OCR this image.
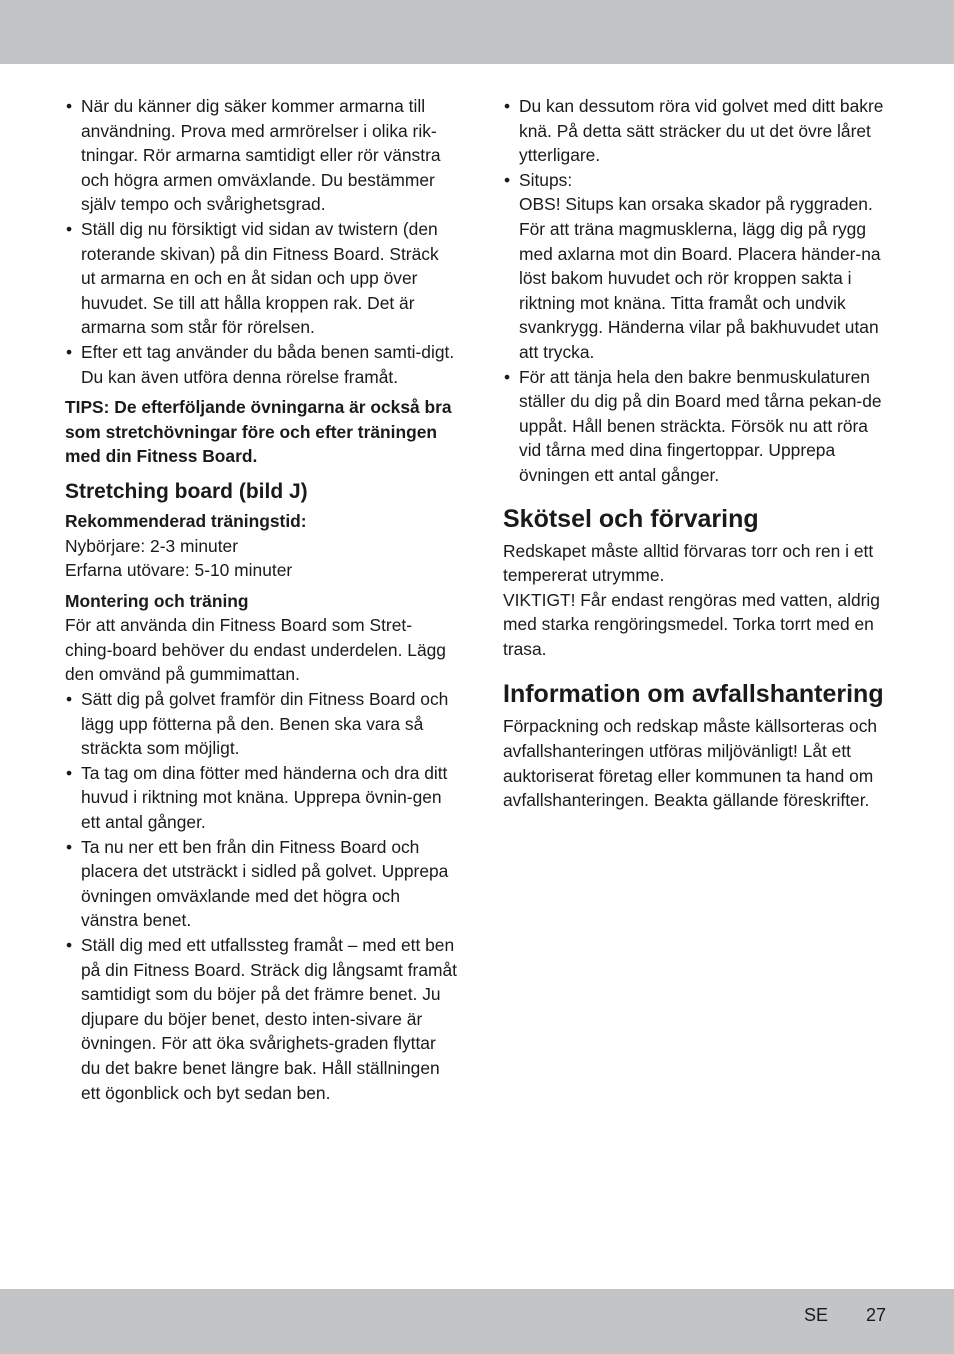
• När du känner dig säker kommer armarna till användning. Prova med armrörelser i olika rik-tningar. Rör armarna samtidigt eller rör vänstra och högra armen omväxlande. Du bestämmer själv tempo och svårighetsgrad.
• Ställ dig nu försiktigt vid sidan av twistern (den roterande skivan) på din Fitness Board. Sträck ut armarna en och en åt sidan och upp över huvudet. Se till att hålla kroppen rak. Det är armarna som står för rörelsen.
• Efter ett tag använder du båda benen samti-digt. Du kan även utföra denna rörelse framåt.

TIPS: De efterföljande övningarna är också bra som stretchövningar före och efter träningen med din Fitness Board.

Stretching board (bild J)

Rekommenderad träningstid:

Nybörjare: 2-3 minuter

Erfarna utövare: 5-10 minuter

Montering och träning

För att använda din Fitness Board som Stret-ching-board behöver du endast underdelen. Lägg den omvänd på gummimattan.

• Sätt dig på golvet framför din Fitness Board och lägg upp fötterna på den. Benen ska vara så sträckta som möjligt.
• Ta tag om dina fötter med händerna och dra ditt huvud i riktning mot knäna. Upprepa övnin-gen ett antal gånger.
• Ta nu ner ett ben från din Fitness Board och placera det utsträckt i sidled på golvet. Upprepa övningen omväxlande med det högra och vänstra benet.
• Ställ dig med ett utfallssteg framåt – med ett ben på din Fitness Board. Sträck dig långsamt framåt samtidigt som du böjer på det främre benet. Ju djupare du böjer benet, desto inten-sivare är övningen. För att öka svårighets-graden flyttar du det bakre benet längre bak. Håll ställningen ett ögonblick och byt sedan ben.
• Du kan dessutom röra vid golvet med ditt bakre knä. På detta sätt sträcker du ut det övre låret ytterligare.
• Situps:

OBS! Situps kan orsaka skador på ryggraden. För att träna magmusklerna, lägg dig på rygg med axlarna mot din Board. Placera händer-na löst bakom huvudet och rör kroppen sakta i riktning mot knäna. Titta framåt och undvik svankrygg. Händerna vilar på bakhuvudet utan att trycka.

• För att tänja hela den bakre benmuskulaturen ställer du dig på din Board med tårna pekan-de uppåt. Håll benen sträckta. Försök nu att röra vid tårna med dina fingertoppar. Upprepa övningen ett antal gånger.
Skötsel och förvaring

Redskapet måste alltid förvaras torr och ren i ett tempererat utrymme.

VIKTIGT! Får endast rengöras med vatten, aldrig med starka rengöringsmedel. Torka torrt med en trasa.

Information om avfallshantering

Förpackning och redskap måste källsorteras och avfallshanteringen utföras miljövänligt! Låt ett auktoriserat företag eller kommunen ta hand om avfallshanteringen. Beakta gällande föreskrifter.

SE 27
